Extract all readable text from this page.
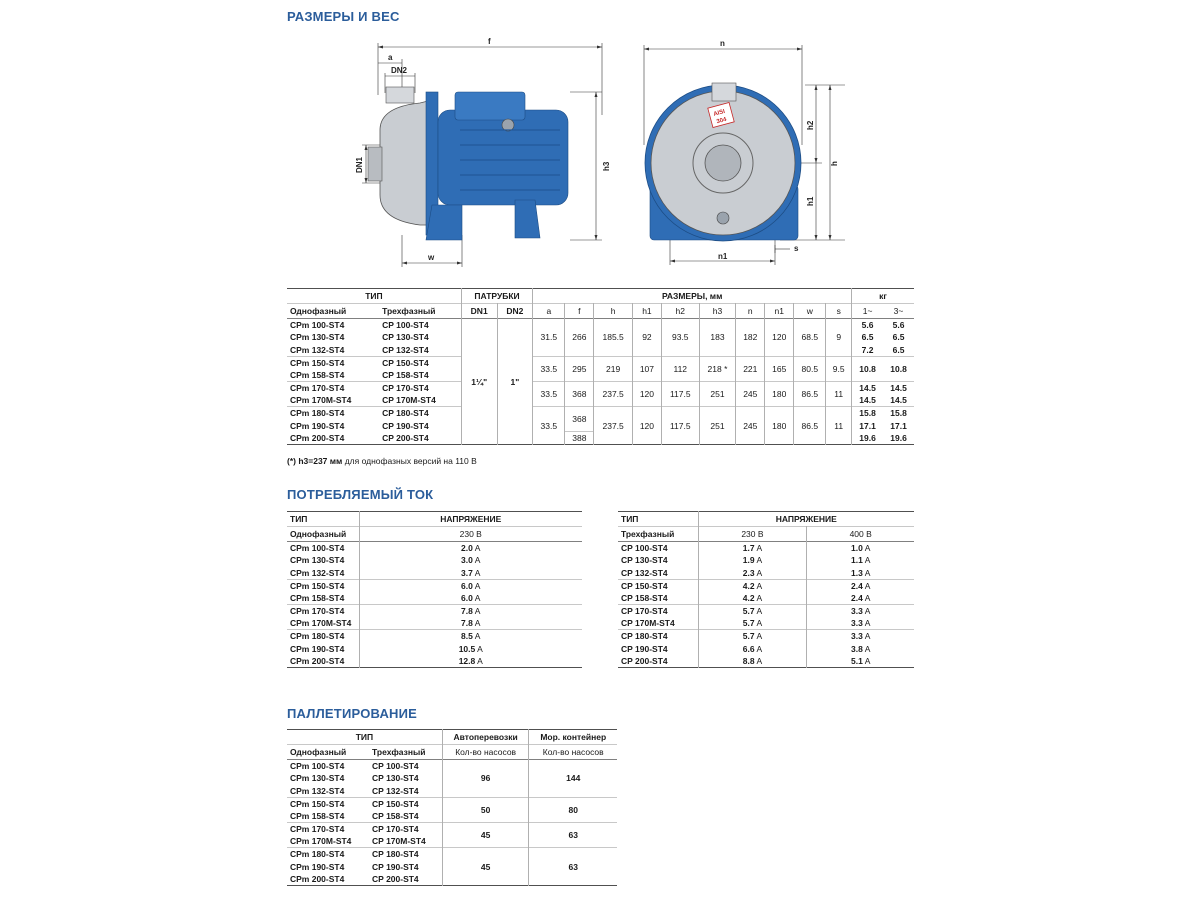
РАЗМЕРЫ И ВЕС
f
a
DN2
DN1	h3
w
AISI
304
n
h2
h
h1
n1
s
ТИП		ПАТРУБКИ		РАЗМЕРЫ, мм										кг	
Однофазный	Трехфазный	DN1	DN2	a	f	h	h1	h2	h3	n	n1	w	s	1~	3~
CPm 100-ST4	CP 100-ST4	1¼"	1"	31.5	266	185.5	92	93.5	183	182	120	68.5	9	5.6	5.6
CPm 130-ST4	CP 130-ST4													6.5	6.5
CPm 132-ST4	CP 132-ST4													7.2	6.5
CPm 150-ST4	CP 150-ST4			33.5	295	219	107	112	218 *	221	165	80.5	9.5	10.8	10.8
CPm 158-ST4	CP 158-ST4														
CPm 170-ST4	CP 170-ST4			33.5	368	237.5	120	117.5	251	245	180	86.5	11	14.5	14.5
CPm 170M-ST4	CP 170M-ST4													14.5	14.5
CPm 180-ST4	CP 180-ST4			33.5	368	237.5	120	117.5	251	245	180	86.5	11	15.8	15.8
CPm 190-ST4	CP 190-ST4													17.1	17.1
CPm 200-ST4	CP 200-ST4				388									19.6	19.6
(*) h3=237 мм для однофазных версий на 110 В
ПОТРЕБЛЯЕМЫЙ ТОК
ТИП	НАПРЯЖЕНИЕ
Однофазный	230 В
CPm 100-ST4	2.0 A
CPm 130-ST4	3.0 A
CPm 132-ST4	3.7 A
CPm 150-ST4	6.0 A
CPm 158-ST4	6.0 A
CPm 170-ST4	7.8 A
CPm 170M-ST4	7.8 A
CPm 180-ST4	8.5 A
CPm 190-ST4	10.5 A
CPm 200-ST4	12.8 A
ТИП	НАПРЯЖЕНИЕ	
Трехфазный	230 В	400 В
CP 100-ST4	1.7 A	1.0 A
CP 130-ST4	1.9 A	1.1 A
CP 132-ST4	2.3 A	1.3 A
CP 150-ST4	4.2 A	2.4 A
CP 158-ST4	4.2 A	2.4 A
CP 170-ST4	5.7 A	3.3 A
CP 170M-ST4	5.7 A	3.3 A
CP 180-ST4	5.7 A	3.3 A
CP 190-ST4	6.6 A	3.8 A
CP 200-ST4	8.8 A	5.1 A
ПАЛЛЕТИРОВАНИЕ
ТИП		Автоперевозки	Мор. контейнер
Однофазный	Трехфазный	Кол-во насосов	Кол-во насосов
CPm 100-ST4	CP 100-ST4	96	144
CPm 130-ST4	CP 130-ST4		
CPm 132-ST4	CP 132-ST4		
CPm 150-ST4	CP 150-ST4	50	80
CPm 158-ST4	CP 158-ST4		
CPm 170-ST4	CP 170-ST4	45	63
CPm 170M-ST4	CP 170M-ST4		
CPm 180-ST4	CP 180-ST4	45	63
CPm 190-ST4	CP 190-ST4		
CPm 200-ST4	CP 200-ST4		
